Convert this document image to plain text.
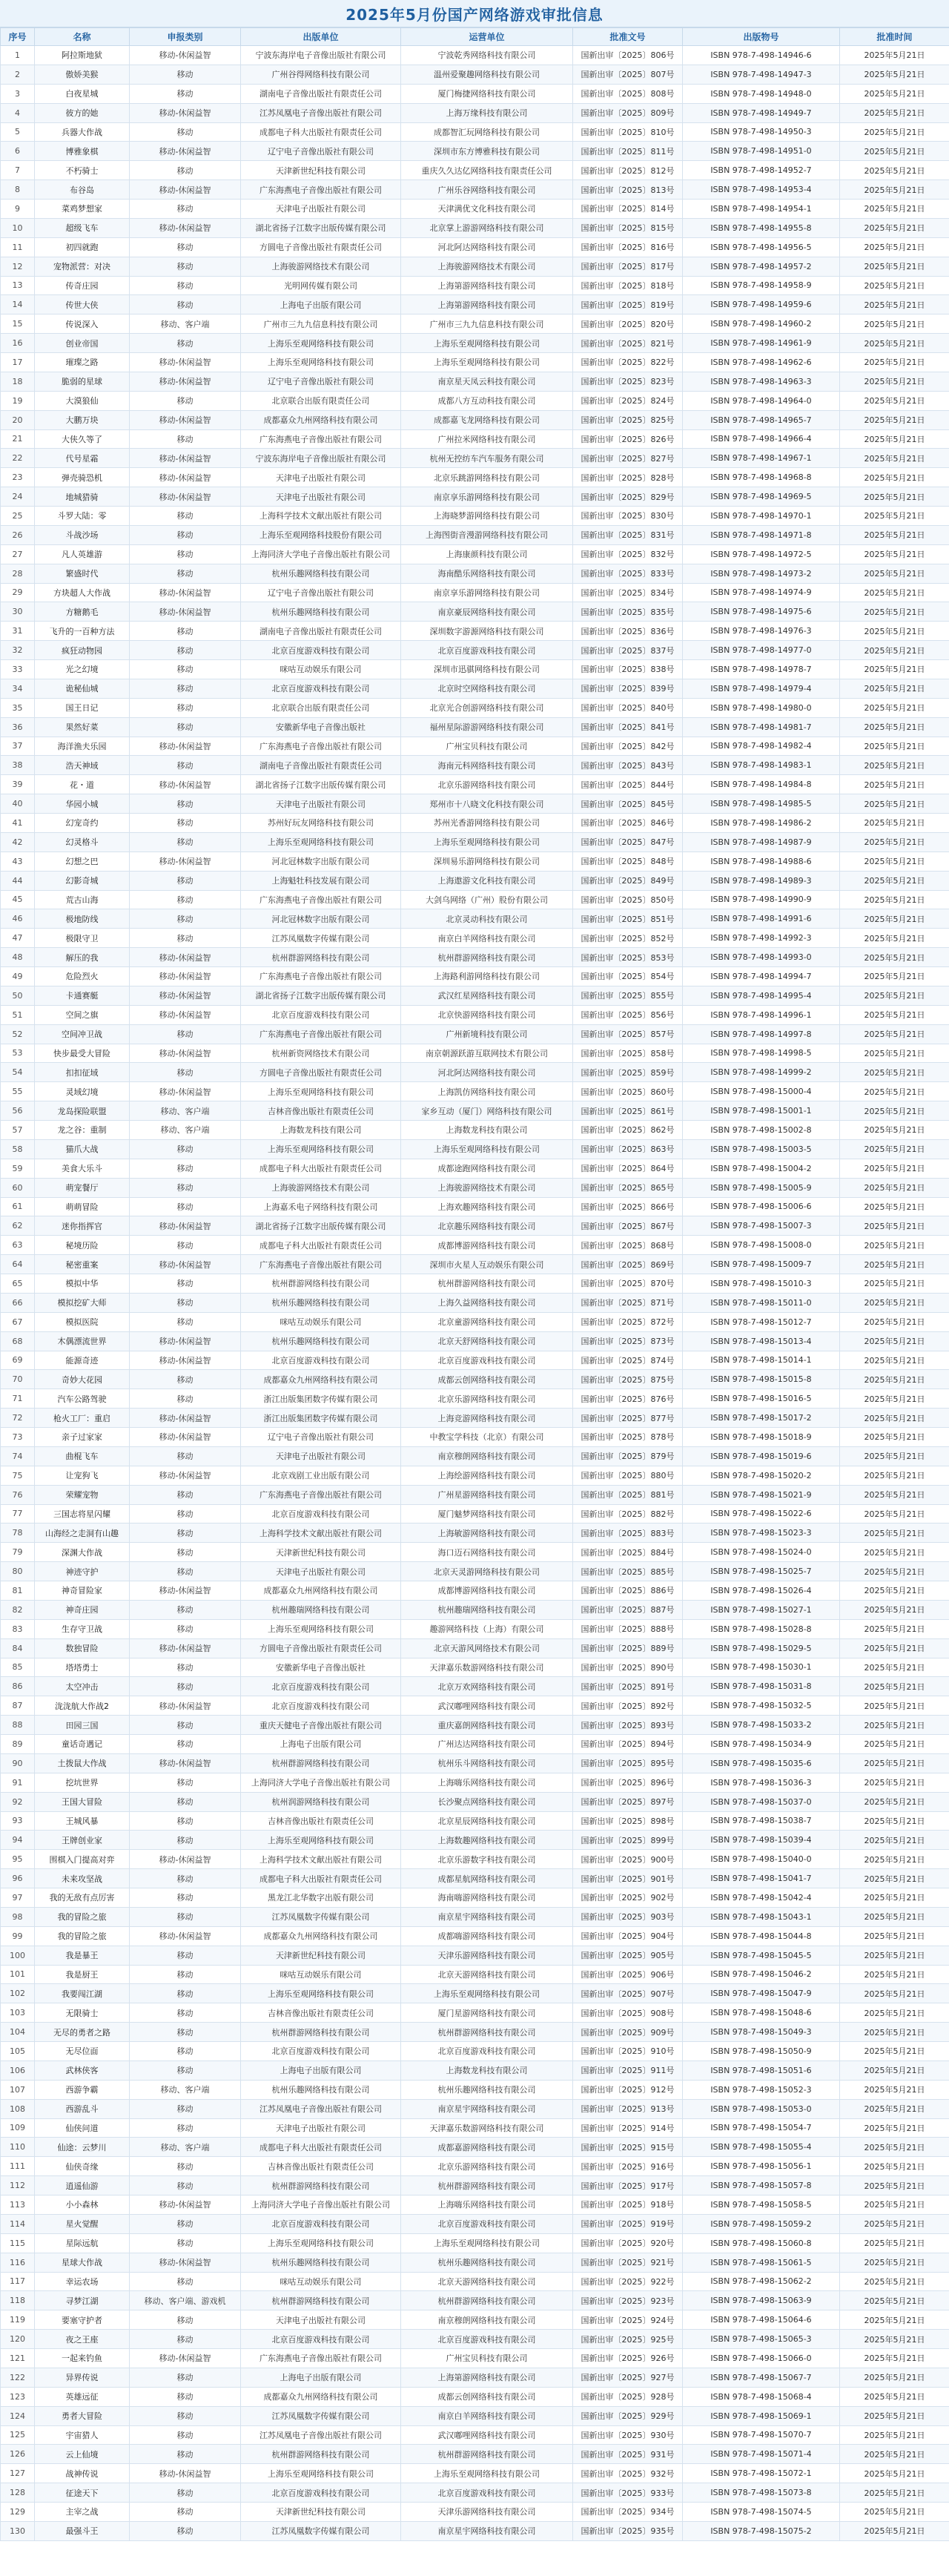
2025年5月份国产网络游戏审批信息
序号	名称	申报类别	出版单位	运营单位	批准文号	出版物号	批准时间
1	阿拉斯地狱	移动-休闲益智	宁波东海岸电子音像出版社有限公司	宁波乾秀网络科技有限公司	国新出审〔2025〕806号	ISBN 978-7-498-14946-6	2025年5月21日
2	傲娇美猴	移动	广州谷得网络科技有限公司	温州爱聚趣网络科技有限公司	国新出审〔2025〕807号	ISBN 978-7-498-14947-3	2025年5月21日
3	白夜星城	移动	湖南电子音像出版社有限责任公司	厦门梅捷网络科技有限公司	国新出审〔2025〕808号	ISBN 978-7-498-14948-0	2025年5月21日
4	彼方的她	移动-休闲益智	江苏凤凰电子音像出版社有限公司	上海万缘科技有限公司	国新出审〔2025〕809号	ISBN 978-7-498-14949-7	2025年5月21日
5	兵器大作战	移动	成都电子科大出版社有限责任公司	成都智汇玩网络科技有限公司	国新出审〔2025〕810号	ISBN 978-7-498-14950-3	2025年5月21日
6	博雅象棋	移动-休闲益智	辽宁电子音像出版社有限公司	深圳市东方博雅科技有限公司	国新出审〔2025〕811号	ISBN 978-7-498-14951-0	2025年5月21日
7	不朽骑士	移动	天津新世纪科技有限公司	重庆久久达亿网络科技有限责任公司	国新出审〔2025〕812号	ISBN 978-7-498-14952-7	2025年5月21日
8	布谷岛	移动-休闲益智	广东海燕电子音像出版社有限公司	广州乐谷网络科技有限公司	国新出审〔2025〕813号	ISBN 978-7-498-14953-4	2025年5月21日
9	菜鸡梦想家	移动	天津电子出版社有限公司	天津满优文化科技有限公司	国新出审〔2025〕814号	ISBN 978-7-498-14954-1	2025年5月21日
10	超级飞车	移动-休闲益智	湖北省扬子江数字出版传媒有限公司	北京掌上游游网络科技有限公司	国新出审〔2025〕815号	ISBN 978-7-498-14955-8	2025年5月21日
11	初四就跑	移动	方圆电子音像出版社有限责任公司	河北阿达网络科技有限公司	国新出审〔2025〕816号	ISBN 978-7-498-14956-5	2025年5月21日
12	宠物派营：对决	移动	上海骏游网络技术有限公司	上海骏游网络技术有限公司	国新出审〔2025〕817号	ISBN 978-7-498-14957-2	2025年5月21日
13	传奇庄园	移动	光明网传媒有限公司	上海第游网络科技有限公司	国新出审〔2025〕818号	ISBN 978-7-498-14958-9	2025年5月21日
14	传世大侠	移动	上海电子出版有限公司	上海第游网络科技有限公司	国新出审〔2025〕819号	ISBN 978-7-498-14959-6	2025年5月21日
15	传说深入	移动、客户端	广州市三九九信息科技有限公司	广州市三九九信息科技有限公司	国新出审〔2025〕820号	ISBN 978-7-498-14960-2	2025年5月21日
16	创业帝国	移动	上海乐至观网络科技有限公司	上海乐至观网络科技有限公司	国新出审〔2025〕821号	ISBN 978-7-498-14961-9	2025年5月21日
17	璀璨之路	移动-休闲益智	上海乐至观网络科技有限公司	上海乐至观网络科技有限公司	国新出审〔2025〕822号	ISBN 978-7-498-14962-6	2025年5月21日
18	脆弱的星球	移动-休闲益智	辽宁电子音像出版社有限公司	南京星天凤云科技有限公司	国新出审〔2025〕823号	ISBN 978-7-498-14963-3	2025年5月21日
19	大漠狼仙	移动	北京联合出版有限责任公司	成都八方互动科技有限公司	国新出审〔2025〕824号	ISBN 978-7-498-14964-0	2025年5月21日
20	大鹏万块	移动-休闲益智	成都嘉众九州网络科技有限公司	成都嘉飞龙网络科技有限公司	国新出审〔2025〕825号	ISBN 978-7-498-14965-7	2025年5月21日
21	大侠久等了	移动	广东海燕电子音像出版社有限公司	广州拉米网络科技有限公司	国新出审〔2025〕826号	ISBN 978-7-498-14966-4	2025年5月21日
22	代号星霜	移动-休闲益智	宁波东海岸电子音像出版社有限公司	杭州无控纺车汽车服务有限公司	国新出审〔2025〕827号	ISBN 978-7-498-14967-1	2025年5月21日
23	弹壳骑恐机	移动-休闲益智	天津电子出版社有限公司	北京乐跳游网络科技有限公司	国新出审〔2025〕828号	ISBN 978-7-498-14968-8	2025年5月21日
24	地城猎骑	移动-休闲益智	天津电子出版社有限公司	南京享乐游网络科技有限公司	国新出审〔2025〕829号	ISBN 978-7-498-14969-5	2025年5月21日
25	斗罗大陆：零	移动	上海科学技术文献出版社有限公司	上海晓梦游网络科技有限公司	国新出审〔2025〕830号	ISBN 978-7-498-14970-1	2025年5月21日
26	斗战沙场	移动	上海乐至观网络科技股份有限公司	上海图街音漫游网络科技有限公司	国新出审〔2025〕831号	ISBN 978-7-498-14971-8	2025年5月21日
27	凡人英雄游	移动	上海同济大学电子音像出版社有限公司	上海康颜科技有限公司	国新出审〔2025〕832号	ISBN 978-7-498-14972-5	2025年5月21日
28	繁盛时代	移动	杭州乐趣网络科技有限公司	海南酷乐网络科技有限公司	国新出审〔2025〕833号	ISBN 978-7-498-14973-2	2025年5月21日
29	方块超人大作战	移动-休闲益智	辽宁电子音像出版社有限公司	南京享乐游网络科技有限公司	国新出审〔2025〕834号	ISBN 978-7-498-14974-9	2025年5月21日
30	方糖鹅毛	移动-休闲益智	杭州乐趣网络科技有限公司	南京豪辰网络科技有限公司	国新出审〔2025〕835号	ISBN 978-7-498-14975-6	2025年5月21日
31	飞升的一百种方法	移动	湖南电子音像出版社有限责任公司	深圳数字游源网络科技有限公司	国新出审〔2025〕836号	ISBN 978-7-498-14976-3	2025年5月21日
32	疯狂动物园	移动	北京百度游戏科技有限公司	北京百度游戏科技有限公司	国新出审〔2025〕837号	ISBN 978-7-498-14977-0	2025年5月21日
33	光之幻境	移动	咪咕互动娱乐有限公司	深圳市迅骐网络科技有限公司	国新出审〔2025〕838号	ISBN 978-7-498-14978-7	2025年5月21日
34	诡秘仙城	移动	北京百度游戏科技有限公司	北京时空网络科技有限公司	国新出审〔2025〕839号	ISBN 978-7-498-14979-4	2025年5月21日
35	国王日记	移动	北京联合出版有限责任公司	北京光合创游网络科技有限公司	国新出审〔2025〕840号	ISBN 978-7-498-14980-0	2025年5月21日
36	果然好菜	移动	安徽新华电子音像出版社	福州星际游游网络科技有限公司	国新出审〔2025〕841号	ISBN 978-7-498-14981-7	2025年5月21日
37	海洋渔夫乐园	移动-休闲益智	广东海燕电子音像出版社有限公司	广州宝贝科技有限公司	国新出审〔2025〕842号	ISBN 978-7-498-14982-4	2025年5月21日
38	浩天神域	移动	湖南电子音像出版社有限责任公司	海南元科网络科技有限公司	国新出审〔2025〕843号	ISBN 978-7-498-14983-1	2025年5月21日
39	花・道	移动-休闲益智	湖北省扬子江数字出版传媒有限公司	北京乐游网络科技有限公司	国新出审〔2025〕844号	ISBN 978-7-498-14984-8	2025年5月21日
40	华园小城	移动	天津电子出版社有限公司	郑州市十八晓文化科技有限公司	国新出审〔2025〕845号	ISBN 978-7-498-14985-5	2025年5月21日
41	幻宠奇约	移动	苏州好玩友网络科技有限公司	苏州光香游网络科技有限公司	国新出审〔2025〕846号	ISBN 978-7-498-14986-2	2025年5月21日
42	幻灵格斗	移动	上海乐至观网络科技有限公司	上海乐至观网络科技有限公司	国新出审〔2025〕847号	ISBN 978-7-498-14987-9	2025年5月21日
43	幻想之巴	移动-休闲益智	河北冠林数字出版有限公司	深圳易乐游网络科技有限公司	国新出审〔2025〕848号	ISBN 978-7-498-14988-6	2025年5月21日
44	幻影奇城	移动	上海魁牡科技发展有限公司	上海遨游文化科技有限公司	国新出审〔2025〕849号	ISBN 978-7-498-14989-3	2025年5月21日
45	荒古山海	移动	广东海燕电子音像出版社有限公司	大剑乌网络（广州）股份有限公司	国新出审〔2025〕850号	ISBN 978-7-498-14990-9	2025年5月21日
46	极地防线	移动	河北冠林数字出版有限公司	北京灵动科技有限公司	国新出审〔2025〕851号	ISBN 978-7-498-14991-6	2025年5月21日
47	极限守卫	移动	江苏凤凰数字传媒有限公司	南京白羊网络科技有限公司	国新出审〔2025〕852号	ISBN 978-7-498-14992-3	2025年5月21日
48	解压的我	移动-休闲益智	杭州群游网络科技有限公司	杭州群游网络科技有限公司	国新出审〔2025〕853号	ISBN 978-7-498-14993-0	2025年5月21日
49	危险烈火	移动-休闲益智	广东海燕电子音像出版社有限公司	上海路利游网络科技有限公司	国新出审〔2025〕854号	ISBN 978-7-498-14994-7	2025年5月21日
50	卡通赛艇	移动-休闲益智	湖北省扬子江数字出版传媒有限公司	武汉红星网络科技有限公司	国新出审〔2025〕855号	ISBN 978-7-498-14995-4	2025年5月21日
51	空间之旗	移动-休闲益智	北京百度游戏科技有限公司	北京快游网络科技有限公司	国新出审〔2025〕856号	ISBN 978-7-498-14996-1	2025年5月21日
52	空间冲卫战	移动	广东海燕电子音像出版社有限公司	广州新境科技有限公司	国新出审〔2025〕857号	ISBN 978-7-498-14997-8	2025年5月21日
53	快步最受大冒险	移动-休闲益智	杭州新资网络技术有限公司	南京朝源跃游互联网技术有限公司	国新出审〔2025〕858号	ISBN 978-7-498-14998-5	2025年5月21日
54	扣扣征域	移动	方圆电子音像出版社有限责任公司	河北阿达网络科技有限公司	国新出审〔2025〕859号	ISBN 978-7-498-14999-2	2025年5月21日
55	灵域幻境	移动-休闲益智	上海乐至观网络科技有限公司	上海凯仿网络科技有限公司	国新出审〔2025〕860号	ISBN 978-7-498-15000-4	2025年5月21日
56	龙岛探险联盟	移动、客户端	吉林音像出版社有限责任公司	家乡互动（厦门）网络科技有限公司	国新出审〔2025〕861号	ISBN 978-7-498-15001-1	2025年5月21日
57	龙之谷：重制	移动、客户端	上海数龙科技有限公司	上海数龙科技有限公司	国新出审〔2025〕862号	ISBN 978-7-498-15002-8	2025年5月21日
58	猫爪大战	移动	上海乐至观网络科技有限公司	上海乐至观网络科技有限公司	国新出审〔2025〕863号	ISBN 978-7-498-15003-5	2025年5月21日
59	美食大乐斗	移动	成都电子科大出版社有限责任公司	成都途跑网络科技有限公司	国新出审〔2025〕864号	ISBN 978-7-498-15004-2	2025年5月21日
60	萌宠餐厅	移动	上海骏游网络技术有限公司	上海骏游网络技术有限公司	国新出审〔2025〕865号	ISBN 978-7-498-15005-9	2025年5月21日
61	萌萌冒险	移动	上海嘉禾电子网络科技有限公司	上海欢趣网络科技有限公司	国新出审〔2025〕866号	ISBN 978-7-498-15006-6	2025年5月21日
62	迷你指挥官	移动-休闲益智	湖北省扬子江数字出版传媒有限公司	北京趣乐网络科技有限公司	国新出审〔2025〕867号	ISBN 978-7-498-15007-3	2025年5月21日
63	秘境历险	移动	成都电子科大出版社有限责任公司	成都博游网络科技有限公司	国新出审〔2025〕868号	ISBN 978-7-498-15008-0	2025年5月21日
64	秘密重案	移动-休闲益智	广东海燕电子音像出版社有限公司	深圳市火星人互动娱乐有限公司	国新出审〔2025〕869号	ISBN 978-7-498-15009-7	2025年5月21日
65	模拟中华	移动	杭州群游网络科技有限公司	杭州群游网络科技有限公司	国新出审〔2025〕870号	ISBN 978-7-498-15010-3	2025年5月21日
66	模拟挖矿大师	移动	杭州乐趣网络科技有限公司	上海久益网络科技有限公司	国新出审〔2025〕871号	ISBN 978-7-498-15011-0	2025年5月21日
67	模拟医院	移动	咪咕互动娱乐有限公司	北京童游网络科技有限公司	国新出审〔2025〕872号	ISBN 978-7-498-15012-7	2025年5月21日
68	木偶漂流世界	移动-休闲益智	杭州乐趣网络科技有限公司	北京天舒网络科技有限公司	国新出审〔2025〕873号	ISBN 978-7-498-15013-4	2025年5月21日
69	能源奇迹	移动-休闲益智	北京百度游戏科技有限公司	北京百度游戏科技有限公司	国新出审〔2025〕874号	ISBN 978-7-498-15014-1	2025年5月21日
70	奇妙大花园	移动	成都嘉众九州网络科技有限公司	成都云创网络科技有限公司	国新出审〔2025〕875号	ISBN 978-7-498-15015-8	2025年5月21日
71	汽车公路驾驶	移动	浙江出版集团数字传媒有限公司	北京乐游网络科技有限公司	国新出审〔2025〕876号	ISBN 978-7-498-15016-5	2025年5月21日
72	枪火工厂：重启	移动-休闲益智	浙江出版集团数字传媒有限公司	上海竞游网络科技有限公司	国新出审〔2025〕877号	ISBN 978-7-498-15017-2	2025年5月21日
73	亲子过家家	移动-休闲益智	辽宁电子音像出版社有限公司	中教宝学科技（北京）有限公司	国新出审〔2025〕878号	ISBN 978-7-498-15018-9	2025年5月21日
74	曲棍飞车	移动	天津电子出版社有限公司	南京穆朗网络科技有限公司	国新出审〔2025〕879号	ISBN 978-7-498-15019-6	2025年5月21日
75	让宠狗飞	移动-休闲益智	北京戏剧工业出版有限公司	上海绘游网络科技有限公司	国新出审〔2025〕880号	ISBN 978-7-498-15020-2	2025年5月21日
76	荣耀宠物	移动	广东海燕电子音像出版社有限公司	广州星游网络科技有限公司	国新出审〔2025〕881号	ISBN 978-7-498-15021-9	2025年5月21日
77	三国志将星闪耀	移动	北京百度游戏科技有限公司	厦门魅梦网络科技有限公司	国新出审〔2025〕882号	ISBN 978-7-498-15022-6	2025年5月21日
78	山海经之走洞有山趣	移动	上海科学技术文献出版社有限公司	上海敏游网络科技有限公司	国新出审〔2025〕883号	ISBN 978-7-498-15023-3	2025年5月21日
79	深渊大作战	移动	天津新世纪科技有限公司	海口迈石网络科技有限公司	国新出审〔2025〕884号	ISBN 978-7-498-15024-0	2025年5月21日
80	神迹守护	移动	天津电子出版社有限公司	北京天灵游网络科技有限公司	国新出审〔2025〕885号	ISBN 978-7-498-15025-7	2025年5月21日
81	神奇冒险家	移动-休闲益智	成都嘉众九州网络科技有限公司	成都博游网络科技有限公司	国新出审〔2025〕886号	ISBN 978-7-498-15026-4	2025年5月21日
82	神奇庄园	移动	杭州趣瑞网络科技有限公司	杭州趣瑞网络科技有限公司	国新出审〔2025〕887号	ISBN 978-7-498-15027-1	2025年5月21日
83	生存守卫战	移动	上海乐至观网络科技有限公司	趣游网络科技（上海）有限公司	国新出审〔2025〕888号	ISBN 978-7-498-15028-8	2025年5月21日
84	数独冒险	移动-休闲益智	方圆电子音像出版社有限责任公司	北京天游风网络技术有限公司	国新出审〔2025〕889号	ISBN 978-7-498-15029-5	2025年5月21日
85	塔塔勇士	移动	安徽新华电子音像出版社	天津嘉乐数游网络科技有限公司	国新出审〔2025〕890号	ISBN 978-7-498-15030-1	2025年5月21日
86	太空冲击	移动	北京百度游戏科技有限公司	北京万欢网络科技有限公司	国新出审〔2025〕891号	ISBN 978-7-498-15031-8	2025年5月21日
87	泷泷航大作战2	移动-休闲益智	北京百度游戏科技有限公司	武汉嘟哩网络科技有限公司	国新出审〔2025〕892号	ISBN 978-7-498-15032-5	2025年5月21日
88	田园三国	移动	重庆天健电子音像出版社有限公司	重庆嘉朗网络科技有限公司	国新出审〔2025〕893号	ISBN 978-7-498-15033-2	2025年5月21日
89	童话奇遇记	移动	上海电子出版有限公司	广州达达网络科技有限公司	国新出审〔2025〕894号	ISBN 978-7-498-15034-9	2025年5月21日
90	土拨鼠大作战	移动-休闲益智	杭州群游网络科技有限公司	杭州乐斗网络科技有限公司	国新出审〔2025〕895号	ISBN 978-7-498-15035-6	2025年5月21日
91	挖坑世界	移动	上海同济大学电子音像出版社有限公司	上海嗨乐网络科技有限公司	国新出审〔2025〕896号	ISBN 978-7-498-15036-3	2025年5月21日
92	王国大冒险	移动	杭州润游网络科技有限公司	长沙聚点网络科技有限公司	国新出审〔2025〕897号	ISBN 978-7-498-15037-0	2025年5月21日
93	王城风暴	移动	吉林音像出版社有限责任公司	北京星辰网络科技有限公司	国新出审〔2025〕898号	ISBN 978-7-498-15038-7	2025年5月21日
94	王牌创业家	移动	上海乐至观网络科技有限公司	上海数趣网络科技有限公司	国新出审〔2025〕899号	ISBN 978-7-498-15039-4	2025年5月21日
95	围棋入门提高对弈	移动-休闲益智	上海科学技术文献出版社有限公司	北京乐游数字科技有限公司	国新出审〔2025〕900号	ISBN 978-7-498-15040-0	2025年5月21日
96	未来攻坚战	移动	成都电子科大出版社有限责任公司	成都星航网络科技有限公司	国新出审〔2025〕901号	ISBN 978-7-498-15041-7	2025年5月21日
97	我的无敌有点厉害	移动	黑龙江北华数字出版有限公司	海南嗨游网络科技有限公司	国新出审〔2025〕902号	ISBN 978-7-498-15042-4	2025年5月21日
98	我的冒险之旅	移动	江苏凤凰数字传媒有限公司	南京星宇网络科技有限公司	国新出审〔2025〕903号	ISBN 978-7-498-15043-1	2025年5月21日
99	我的冒险之旅	移动-休闲益智	成都嘉众九州网络科技有限公司	成都嗨游网络科技有限公司	国新出审〔2025〕904号	ISBN 978-7-498-15044-8	2025年5月21日
100	我是暴王	移动	天津新世纪科技有限公司	天津乐游网络科技有限公司	国新出审〔2025〕905号	ISBN 978-7-498-15045-5	2025年5月21日
101	我是厨王	移动	咪咕互动娱乐有限公司	北京天游网络科技有限公司	国新出审〔2025〕906号	ISBN 978-7-498-15046-2	2025年5月21日
102	我要闯江湖	移动	上海乐至观网络科技有限公司	上海乐至观网络科技有限公司	国新出审〔2025〕907号	ISBN 978-7-498-15047-9	2025年5月21日
103	无限骑士	移动	吉林音像出版社有限责任公司	厦门星游网络科技有限公司	国新出审〔2025〕908号	ISBN 978-7-498-15048-6	2025年5月21日
104	无尽的勇者之路	移动	杭州群游网络科技有限公司	杭州群游网络科技有限公司	国新出审〔2025〕909号	ISBN 978-7-498-15049-3	2025年5月21日
105	无尽位面	移动	北京百度游戏科技有限公司	北京百度游戏科技有限公司	国新出审〔2025〕910号	ISBN 978-7-498-15050-9	2025年5月21日
106	武林侠客	移动	上海电子出版有限公司	上海数龙科技有限公司	国新出审〔2025〕911号	ISBN 978-7-498-15051-6	2025年5月21日
107	西游争霸	移动、客户端	杭州乐趣网络科技有限公司	杭州乐趣网络科技有限公司	国新出审〔2025〕912号	ISBN 978-7-498-15052-3	2025年5月21日
108	西游乱斗	移动	江苏凤凰电子音像出版社有限公司	南京星宇网络科技有限公司	国新出审〔2025〕913号	ISBN 978-7-498-15053-0	2025年5月21日
109	仙侠问道	移动	天津电子出版社有限公司	天津嘉乐数游网络科技有限公司	国新出审〔2025〕914号	ISBN 978-7-498-15054-7	2025年5月21日
110	仙途：云梦川	移动、客户端	成都电子科大出版社有限责任公司	成都嘉游网络科技有限公司	国新出审〔2025〕915号	ISBN 978-7-498-15055-4	2025年5月21日
111	仙侠奇缘	移动	吉林音像出版社有限责任公司	北京乐游网络科技有限公司	国新出审〔2025〕916号	ISBN 978-7-498-15056-1	2025年5月21日
112	逍遥仙游	移动	杭州群游网络科技有限公司	杭州群游网络科技有限公司	国新出审〔2025〕917号	ISBN 978-7-498-15057-8	2025年5月21日
113	小小森林	移动-休闲益智	上海同济大学电子音像出版社有限公司	上海嗨乐网络科技有限公司	国新出审〔2025〕918号	ISBN 978-7-498-15058-5	2025年5月21日
114	星火觉醒	移动	北京百度游戏科技有限公司	北京百度游戏科技有限公司	国新出审〔2025〕919号	ISBN 978-7-498-15059-2	2025年5月21日
115	星际远航	移动	上海乐至观网络科技有限公司	上海乐至观网络科技有限公司	国新出审〔2025〕920号	ISBN 978-7-498-15060-8	2025年5月21日
116	星球大作战	移动-休闲益智	杭州乐趣网络科技有限公司	杭州乐趣网络科技有限公司	国新出审〔2025〕921号	ISBN 978-7-498-15061-5	2025年5月21日
117	幸运农场	移动	咪咕互动娱乐有限公司	北京天游网络科技有限公司	国新出审〔2025〕922号	ISBN 978-7-498-15062-2	2025年5月21日
118	寻梦江湖	移动、客户端、游戏机	杭州群游网络科技有限公司	杭州群游网络科技有限公司	国新出审〔2025〕923号	ISBN 978-7-498-15063-9	2025年5月21日
119	要塞守护者	移动	天津电子出版社有限公司	南京穆朗网络科技有限公司	国新出审〔2025〕924号	ISBN 978-7-498-15064-6	2025年5月21日
120	夜之王座	移动	北京百度游戏科技有限公司	北京百度游戏科技有限公司	国新出审〔2025〕925号	ISBN 978-7-498-15065-3	2025年5月21日
121	一起来钓鱼	移动-休闲益智	广东海燕电子音像出版社有限公司	广州宝贝科技有限公司	国新出审〔2025〕926号	ISBN 978-7-498-15066-0	2025年5月21日
122	异界传说	移动	上海电子出版有限公司	上海第游网络科技有限公司	国新出审〔2025〕927号	ISBN 978-7-498-15067-7	2025年5月21日
123	英雄远征	移动	成都嘉众九州网络科技有限公司	成都云创网络科技有限公司	国新出审〔2025〕928号	ISBN 978-7-498-15068-4	2025年5月21日
124	勇者大冒险	移动	江苏凤凰数字传媒有限公司	南京白羊网络科技有限公司	国新出审〔2025〕929号	ISBN 978-7-498-15069-1	2025年5月21日
125	宇宙猎人	移动	江苏凤凰电子音像出版社有限公司	武汉嘟哩网络科技有限公司	国新出审〔2025〕930号	ISBN 978-7-498-15070-7	2025年5月21日
126	云上仙境	移动	杭州群游网络科技有限公司	杭州群游网络科技有限公司	国新出审〔2025〕931号	ISBN 978-7-498-15071-4	2025年5月21日
127	战神传说	移动-休闲益智	上海乐至观网络科技有限公司	上海乐至观网络科技有限公司	国新出审〔2025〕932号	ISBN 978-7-498-15072-1	2025年5月21日
128	征途天下	移动	北京百度游戏科技有限公司	北京百度游戏科技有限公司	国新出审〔2025〕933号	ISBN 978-7-498-15073-8	2025年5月21日
129	主宰之战	移动	天津新世纪科技有限公司	天津乐游网络科技有限公司	国新出审〔2025〕934号	ISBN 978-7-498-15074-5	2025年5月21日
130	最强斗王	移动	江苏凤凰数字传媒有限公司	南京星宇网络科技有限公司	国新出审〔2025〕935号	ISBN 978-7-498-15075-2	2025年5月21日
